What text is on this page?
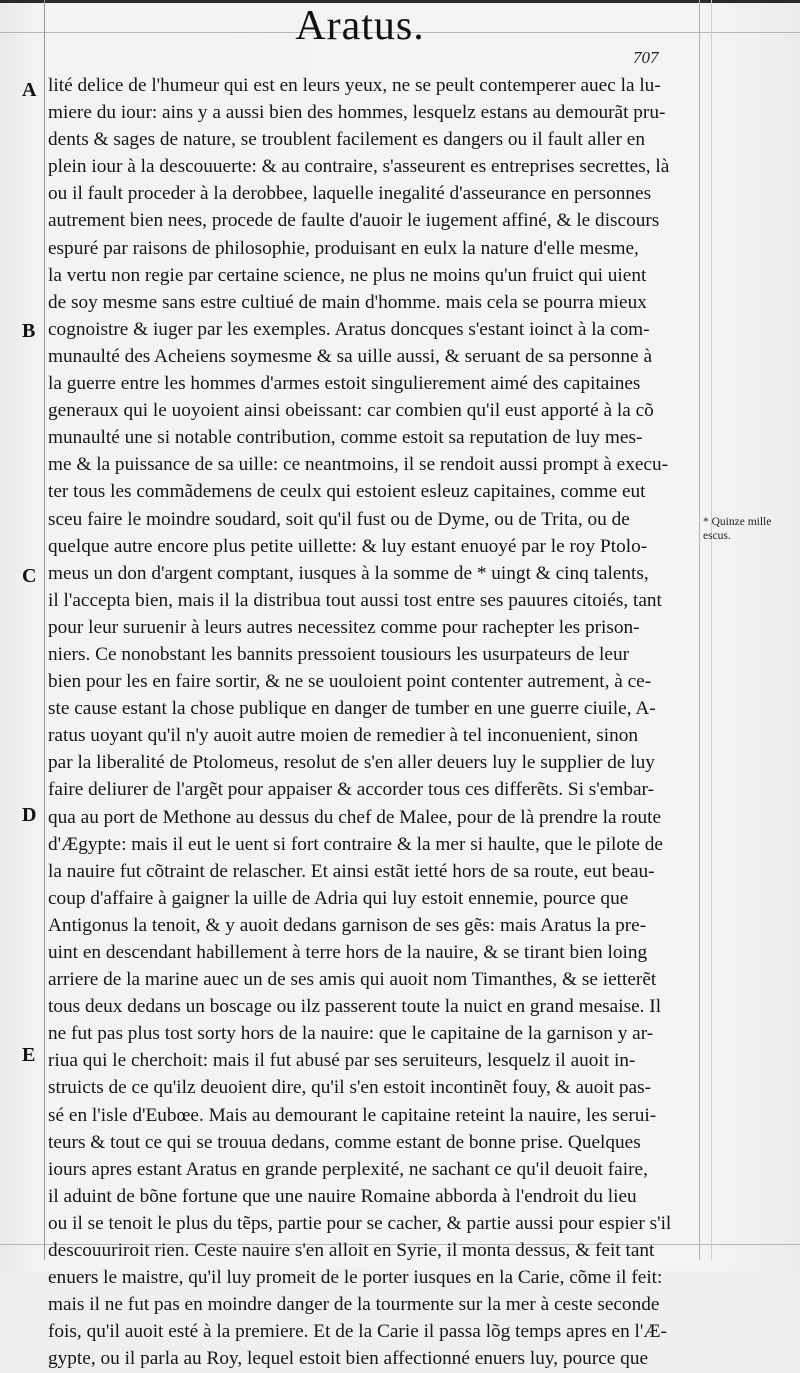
Aratus.
707
A
B
C
D
E
* Quinze mille escus.
lité delice de l'humeur qui est en leurs yeux, ne se peult contemperer auec la lu-
miere du iour: ains y a aussi bien des hommes, lesquelz estans au demourãt pru-
dents & sages de nature, se troublent facilement es dangers ou il fault aller en
plein iour à la descouuerte: & au contraire, s'asseurent es entreprises secrettes, là
ou il fault proceder à la derobbee, laquelle inegalité d'asseurance en personnes
autrement bien nees, procede de faulte d'auoir le iugement affiné, & le discours
espuré par raisons de philosophie, produisant en eulx la nature d'elle mesme,
la vertu non regie par certaine science, ne plus ne moins qu'un fruict qui uient
de soy mesme sans estre cultiué de main d'homme. mais cela se pourra mieux
cognoistre & iuger par les exemples. Aratus doncques s'estant ioinct à la com-
munaulté des Acheiens soymesme & sa uille aussi, & seruant de sa personne à
la guerre entre les hommes d'armes estoit singulierement aimé des capitaines
generaux qui le uoyoient ainsi obeissant: car combien qu'il eust apporté à la cõ
munaulté une si notable contribution, comme estoit sa reputation de luy mes-
me & la puissance de sa uille: ce neantmoins, il se rendoit aussi prompt à execu-
ter tous les commãdemens de ceulx qui estoient esleuz capitaines, comme eut
sceu faire le moindre soudard, soit qu'il fust ou de Dyme, ou de Trita, ou de
quelque autre encore plus petite uillette: & luy estant enuoyé par le roy Ptolo-
meus un don d'argent comptant, iusques à la somme de * uingt & cinq talents,
il l'accepta bien, mais il la distribua tout aussi tost entre ses pauures citoiés, tant
pour leur suruenir à leurs autres necessitez comme pour rachepter les prison-
niers. Ce nonobstant les bannits pressoient tousiours les usurpateurs de leur
bien pour les en faire sortir, & ne se uouloient point contenter autrement, à ce-
ste cause estant la chose publique en danger de tumber en une guerre ciuile, A-
ratus uoyant qu'il n'y auoit autre moien de remedier à tel inconuenient, sinon
par la liberalité de Ptolomeus, resolut de s'en aller deuers luy le supplier de luy
faire deliurer de l'argẽt pour appaiser & accorder tous ces differẽts. Si s'embar-
qua au port de Methone au dessus du chef de Malee, pour de là prendre la route
d'Ægypte: mais il eut le uent si fort contraire & la mer si haulte, que le pilote de
la nauire fut cõtraint de relascher. Et ainsi estãt ietté hors de sa route, eut beau-
coup d'affaire à gaigner la uille de Adria qui luy estoit ennemie, pource que
Antigonus la tenoit, & y auoit dedans garnison de ses gẽs: mais Aratus la pre-
uint en descendant habillement à terre hors de la nauire, & se tirant bien loing
arriere de la marine auec un de ses amis qui auoit nom Timanthes, & se ietterẽt
tous deux dedans un boscage ou ilz passerent toute la nuict en grand mesaise. Il
ne fut pas plus tost sorty hors de la nauire: que le capitaine de la garnison y ar-
riua qui le cherchoit: mais il fut abusé par ses seruiteurs, lesquelz il auoit in-
struicts de ce qu'ilz deuoient dire, qu'il s'en estoit incontinẽt fouy, & auoit pas-
sé en l'isle d'Eubœe. Mais au demourant le capitaine reteint la nauire, les serui-
teurs & tout ce qui se trouua dedans, comme estant de bonne prise. Quelques
iours apres estant Aratus en grande perplexité, ne sachant ce qu'il deuoit faire,
il aduint de bõne fortune que une nauire Romaine abborda à l'endroit du lieu
ou il se tenoit le plus du tẽps, partie pour se cacher, & partie aussi pour espier s'il
descouuriroit rien. Ceste nauire s'en alloit en Syrie, il monta dessus, & feit tant
enuers le maistre, qu'il luy promeit de le porter iusques en la Carie, cõme il feit:
mais il ne fut pas en moindre danger de la tourmente sur la mer à ceste seconde
fois, qu'il auoit esté à la premiere. Et de la Carie il passa lõg temps apres en l'Æ-
gypte, ou il parla au Roy, lequel estoit bien affectionné enuers luy, pource que
